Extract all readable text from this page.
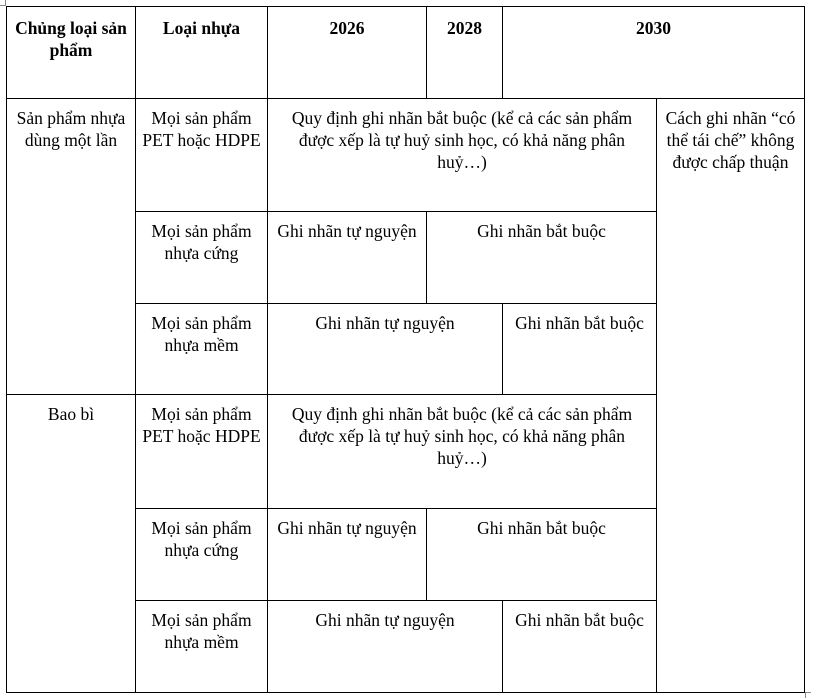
Chủng loại sản phẩm	Loại nhựa	2026	2028	2030	
Sản phẩm nhựa dùng một lần	Mọi sản phẩm PET hoặc HDPE	Quy định ghi nhãn bắt buộc (kể cả các sản phẩm được xếp là tự huỷ sinh học, có khả năng phân huỷ…)			Cách ghi nhãn “có thể tái chế” không được chấp thuận
	Mọi sản phẩm nhựa cứng	Ghi nhãn tự nguyện	Ghi nhãn bắt buộc		
	Mọi sản phẩm nhựa mềm	Ghi nhãn tự nguyện		Ghi nhãn bắt buộc	
Bao bì	Mọi sản phẩm PET hoặc HDPE	Quy định ghi nhãn bắt buộc (kể cả các sản phẩm được xếp là tự huỷ sinh học, có khả năng phân huỷ…)			
	Mọi sản phẩm nhựa cứng	Ghi nhãn tự nguyện	Ghi nhãn bắt buộc		
	Mọi sản phẩm nhựa mềm	Ghi nhãn tự nguyện		Ghi nhãn bắt buộc	
